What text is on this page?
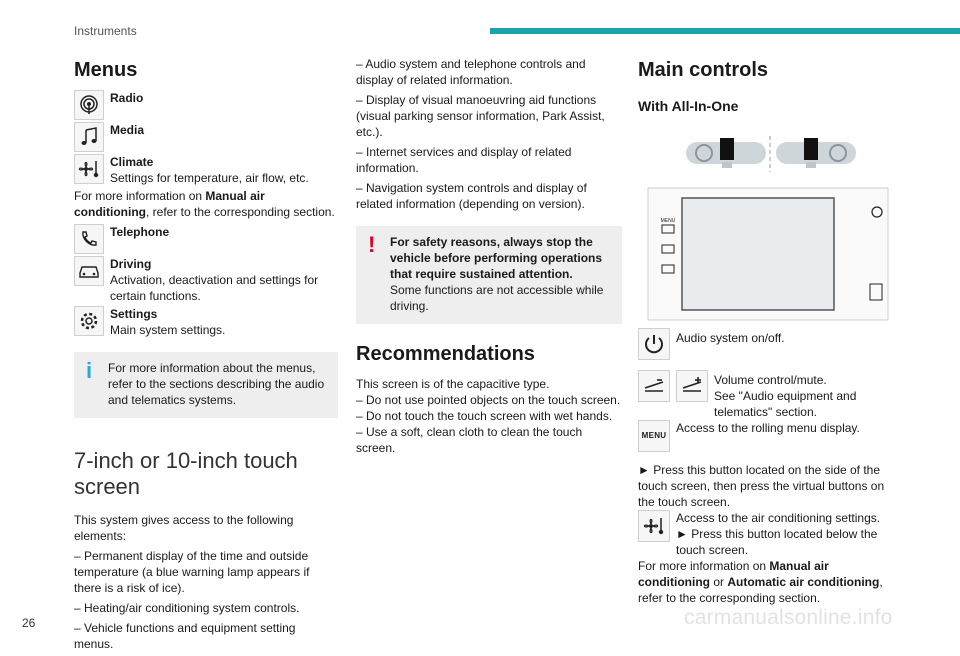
Instruments
Menus
Radio
Media
Climate
Settings for temperature, air flow, etc.

For more information on Manual air conditioning, refer to the corresponding section.

Telephone
Driving
Activation, deactivation and settings for certain functions.
Settings
Main system settings.
i For more information about the menus, refer to the sections describing the audio and telematics systems.
7-inch or 10-inch touch screen

This system gives access to the following elements:

– Permanent display of the time and outside temperature (a blue warning lamp appears if there is a risk of ice).

– Heating/air conditioning system controls.

– Vehicle functions and equipment setting menus.

– Audio system and telephone controls and display of related information.

– Display of visual manoeuvring aid functions (visual parking sensor information, Park Assist, etc.).

– Internet services and display of related information.

– Navigation system controls and display of related information (depending on version).

! For safety reasons, always stop the vehicle before performing operations that require sustained attention.
Some functions are not accessible while driving.
Recommendations

This screen is of the capacitive type.

– Do not use pointed objects on the touch screen.

– Do not touch the touch screen with wet hands.

– Use a soft, clean cloth to clean the touch screen.

Main controls
With All-In-One
MENU
Audio system on/off.
Volume control/mute.
See "Audio equipment and telematics" section.
MENU
Access to the rolling menu display.

► Press this button located on the side of the touch screen, then press the virtual buttons on the touch screen.

Access to the air conditioning settings.
► Press this button located below the touch screen.

For more information on Manual air conditioning or Automatic air conditioning, refer to the corresponding section.

26	carmanualsonline.info
